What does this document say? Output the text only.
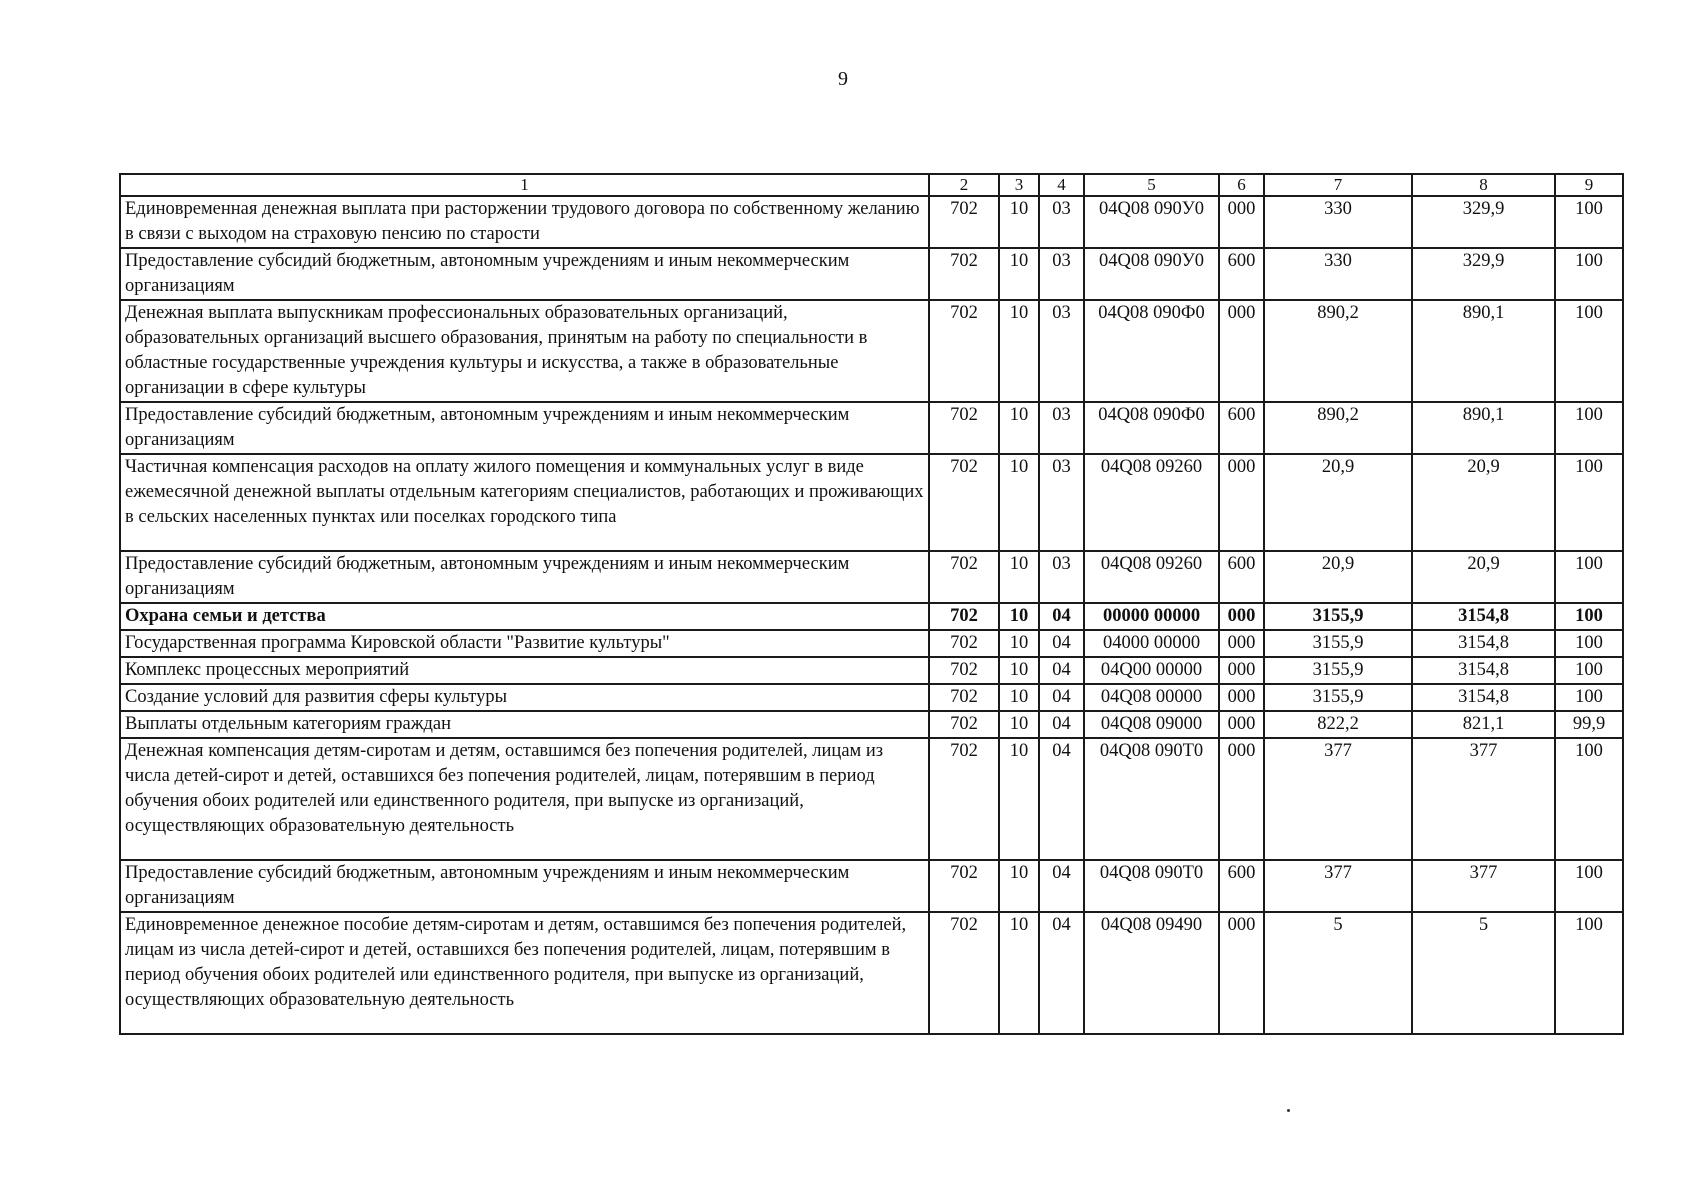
9
1	2	3	4	5	6	7	8	9
Единовременная денежная выплата при расторжении трудового договора по собственному желанию в связи с выходом на страховую пенсию по старости	702	10	03	04Q08 090У0	000	330	329,9	100
Предоставление субсидий бюджетным, автономным учреждениям и иным некоммерческим организациям	702	10	03	04Q08 090У0	600	330	329,9	100
Денежная выплата выпускникам профессиональных образовательных организаций, образовательных организаций высшего образования, принятым на работу по специальности в областные государственные учреждения культуры и искусства, а также в образовательные организации в сфере культуры	702	10	03	04Q08 090Ф0	000	890,2	890,1	100
Предоставление субсидий бюджетным, автономным учреждениям и иным некоммерческим организациям	702	10	03	04Q08 090Ф0	600	890,2	890,1	100
Частичная компенсация расходов на оплату жилого помещения и коммунальных услуг в виде ежемесячной денежной выплаты отдельным категориям специалистов, работающих и проживающих в сельских населенных пунктах или поселках городского типа	702	10	03	04Q08 09260	000	20,9	20,9	100
Предоставление субсидий бюджетным, автономным учреждениям и иным некоммерческим организациям	702	10	03	04Q08 09260	600	20,9	20,9	100
Охрана семьи и детства	702	10	04	00000 00000	000	3155,9	3154,8	100
Государственная программа Кировской области "Развитие культуры"	702	10	04	04000 00000	000	3155,9	3154,8	100
Комплекс процессных мероприятий	702	10	04	04Q00 00000	000	3155,9	3154,8	100
Создание условий для развития сферы культуры	702	10	04	04Q08 00000	000	3155,9	3154,8	100
Выплаты отдельным категориям граждан	702	10	04	04Q08 09000	000	822,2	821,1	99,9
Денежная компенсация детям-сиротам и детям, оставшимся без попечения родителей, лицам из числа детей-сирот и детей, оставшихся без попечения родителей, лицам, потерявшим в период обучения обоих родителей или единственного родителя, при выпуске из организаций, осуществляющих образовательную деятельность	702	10	04	04Q08 090Т0	000	377	377	100
Предоставление субсидий бюджетным, автономным учреждениям и иным некоммерческим организациям	702	10	04	04Q08 090Т0	600	377	377	100
Единовременное денежное пособие детям-сиротам и детям, оставшимся без попечения родителей, лицам из числа детей-сирот и детей, оставшихся без попечения родителей, лицам, потерявшим в период обучения обоих родителей или единственного родителя, при выпуске из организаций, осуществляющих образовательную деятельность	702	10	04	04Q08 09490	000	5	5	100
